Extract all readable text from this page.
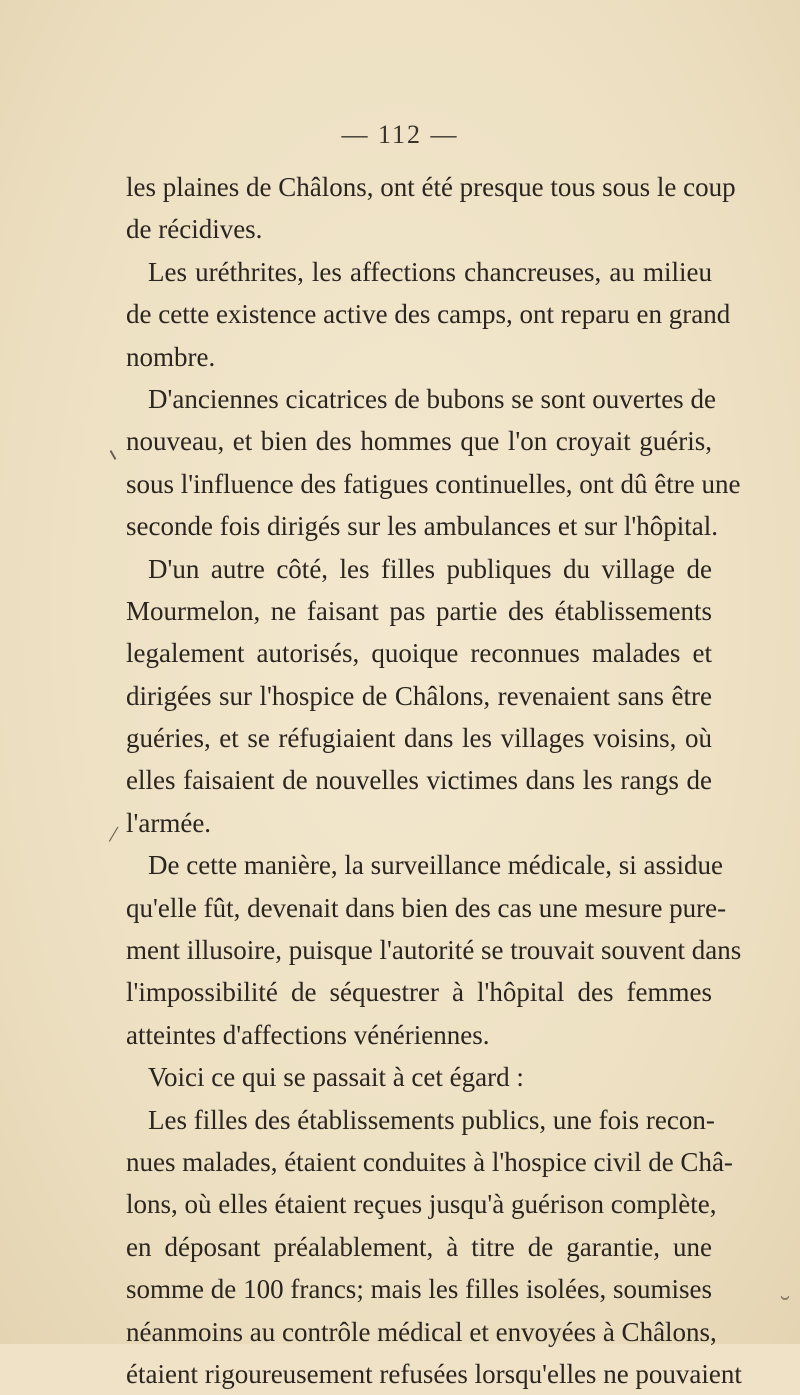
— 112 —
les plaines de Châlons, ont été presque tous sous le coup
de récidives.
Les uréthrites, les affections chancreuses, au milieu
de cette existence active des camps, ont reparu en grand
nombre.
D'anciennes cicatrices de bubons se sont ouvertes de
nouveau, et bien des hommes que l'on croyait guéris,
sous l'influence des fatigues continuelles, ont dû être une
seconde fois dirigés sur les ambulances et sur l'hôpital.
D'un autre côté, les filles publiques du village de
Mourmelon, ne faisant pas partie des établissements
legalement autorisés, quoique reconnues malades et
dirigées sur l'hospice de Châlons, revenaient sans être
guéries, et se réfugiaient dans les villages voisins, où
elles faisaient de nouvelles victimes dans les rangs de
l'armée.
De cette manière, la surveillance médicale, si assidue
qu'elle fût, devenait dans bien des cas une mesure pure-
ment illusoire, puisque l'autorité se trouvait souvent dans
l'impossibilité de séquestrer à l'hôpital des femmes
atteintes d'affections vénériennes.
Voici ce qui se passait à cet égard :
Les filles des établissements publics, une fois recon-
nues malades, étaient conduites à l'hospice civil de Châ-
lons, où elles étaient reçues jusqu'à guérison complète,
en déposant préalablement, à titre de garantie, une
somme de 100 francs; mais les filles isolées, soumises
néanmoins au contrôle médical et envoyées à Châlons,
étaient rigoureusement refusées lorsqu'elles ne pouvaient
/
˘
